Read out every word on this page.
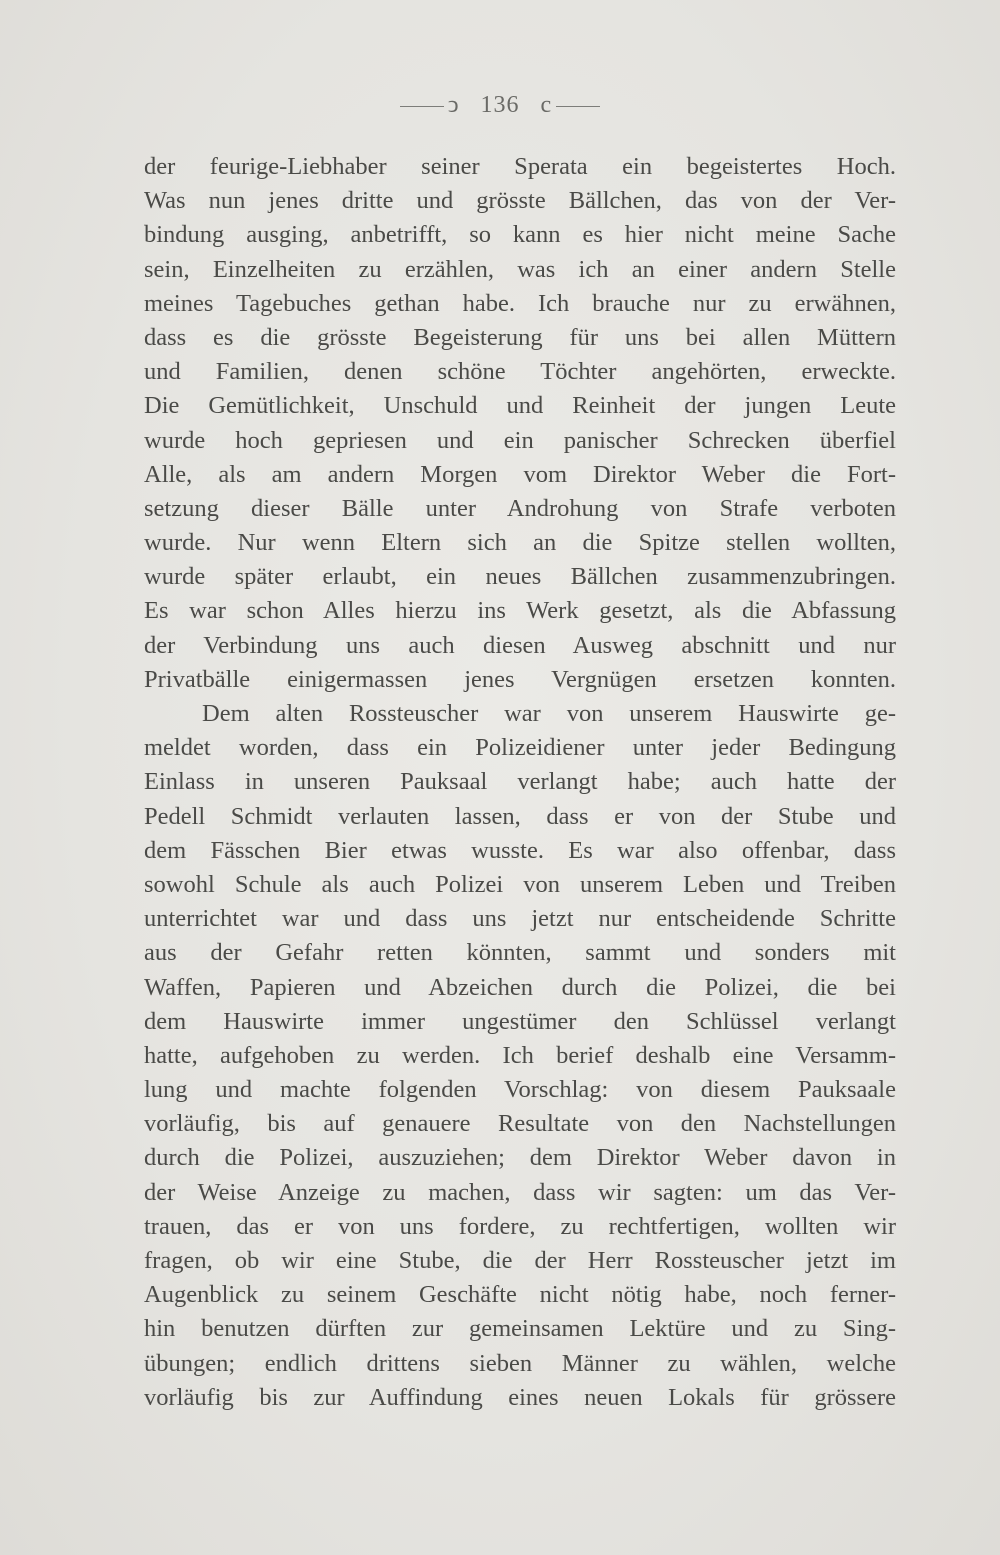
ↄ 136 c
der feurige-Liebhaber seiner Sperata ein begeistertes Hoch.
Was nun jenes dritte und grösste Bällchen, das von der Ver-
bindung ausging, anbetrifft, so kann es hier nicht meine Sache
sein, Einzelheiten zu erzählen, was ich an einer andern Stelle
meines Tagebuches gethan habe. Ich brauche nur zu erwähnen,
dass es die grösste Begeisterung für uns bei allen Müttern
und Familien, denen schöne Töchter angehörten, erweckte.
Die Gemütlichkeit, Unschuld und Reinheit der jungen Leute
wurde hoch gepriesen und ein panischer Schrecken überfiel
Alle, als am andern Morgen vom Direktor Weber die Fort-
setzung dieser Bälle unter Androhung von Strafe verboten
wurde. Nur wenn Eltern sich an die Spitze stellen wollten,
wurde später erlaubt, ein neues Bällchen zusammenzubringen.
Es war schon Alles hierzu ins Werk gesetzt, als die Abfassung
der Verbindung uns auch diesen Ausweg abschnitt und nur
Privatbälle einigermassen jenes Vergnügen ersetzen konnten.
Dem alten Rossteuscher war von unserem Hauswirte ge-
meldet worden, dass ein Polizeidiener unter jeder Bedingung
Einlass in unseren Pauksaal verlangt habe; auch hatte der
Pedell Schmidt verlauten lassen, dass er von der Stube und
dem Fässchen Bier etwas wusste. Es war also offenbar, dass
sowohl Schule als auch Polizei von unserem Leben und Treiben
unterrichtet war und dass uns jetzt nur entscheidende Schritte
aus der Gefahr retten könnten, sammt und sonders mit
Waffen, Papieren und Abzeichen durch die Polizei, die bei
dem Hauswirte immer ungestümer den Schlüssel verlangt
hatte, aufgehoben zu werden. Ich berief deshalb eine Versamm-
lung und machte folgenden Vorschlag: von diesem Pauksaale
vorläufig, bis auf genauere Resultate von den Nachstellungen
durch die Polizei, auszuziehen; dem Direktor Weber davon in
der Weise Anzeige zu machen, dass wir sagten: um das Ver-
trauen, das er von uns fordere, zu rechtfertigen, wollten wir
fragen, ob wir eine Stube, die der Herr Rossteuscher jetzt im
Augenblick zu seinem Geschäfte nicht nötig habe, noch ferner-
hin benutzen dürften zur gemeinsamen Lektüre und zu Sing-
übungen; endlich drittens sieben Männer zu wählen, welche
vorläufig bis zur Auffindung eines neuen Lokals für grössere
